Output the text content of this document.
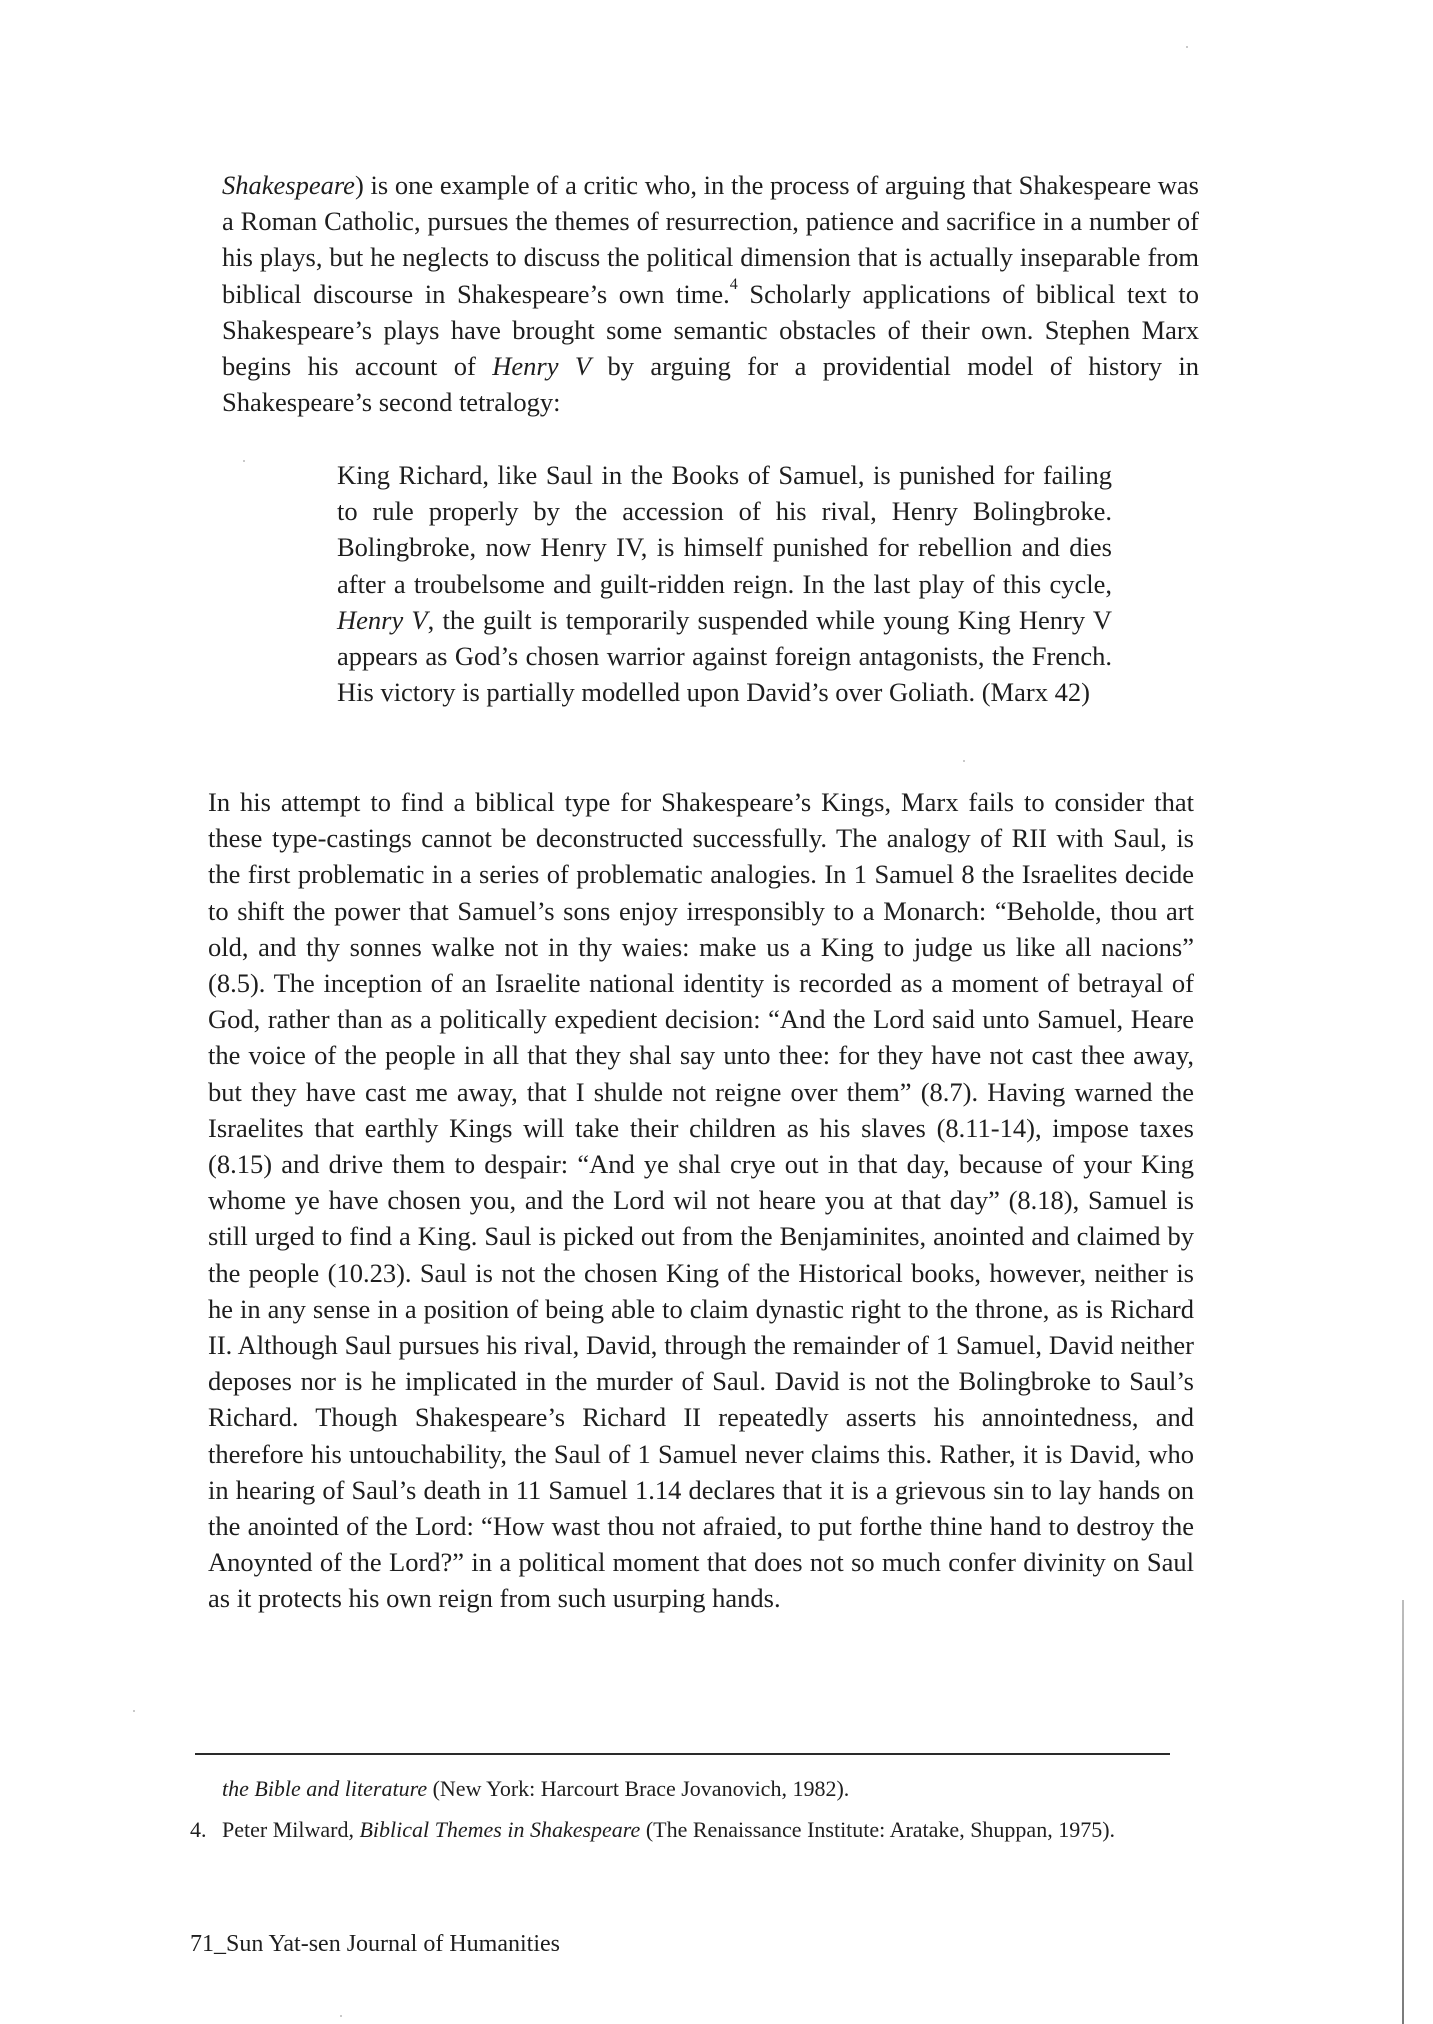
Shakespeare) is one example of a critic who, in the process of arguing that Shakespeare was a Roman Catholic, pursues the themes of resurrection, patience and sacrifice in a number of his plays, but he neglects to discuss the political dimension that is actually inseparable from biblical discourse in Shakespeare’s own time.$^4$ Scholarly applications of biblical text to Shakespeare’s plays have brought some semantic obstacles of their own. Stephen Marx begins his account of Henry V by arguing for a providential model of history in Shakespeare’s second tetralogy:

King Richard, like Saul in the Books of Samuel, is punished for failing to rule properly by the accession of his rival, Henry Bolingbroke. Bolingbroke, now Henry IV, is himself punished for rebellion and dies after a troubelsome and guilt-ridden reign. In the last play of this cycle, Henry V, the guilt is temporarily suspended while young King Henry V appears as God’s chosen warrior against foreign antagonists, the French. His victory is partially modelled upon David’s over Goliath. (Marx 42)

In his attempt to find a biblical type for Shakespeare’s Kings, Marx fails to consider that these type-castings cannot be deconstructed successfully. The analogy of RII with Saul, is the first problematic in a series of problematic analogies. In 1 Samuel 8 the Israelites decide to shift the power that Samuel’s sons enjoy irresponsibly to a Monarch: “Beholde, thou art old, and thy sonnes walke not in thy waies: make us a King to judge us like all nacions” (8.5). The inception of an Israelite national identity is recorded as a moment of betrayal of God, rather than as a politically expedient decision: “And the Lord said unto Samuel, Heare the voice of the people in all that they shal say unto thee: for they have not cast thee away, but they have cast me away, that I shulde not reigne over them” (8.7). Having warned the Israelites that earthly Kings will take their children as his slaves (8.11-14), impose taxes (8.15) and drive them to despair: “And ye shal crye out in that day, because of your King whome ye have chosen you, and the Lord wil not heare you at that day” (8.18), Samuel is still urged to find a King. Saul is picked out from the Benjaminites, anointed and claimed by the people (10.23). Saul is not the chosen King of the Historical books, however, neither is he in any sense in a position of being able to claim dynastic right to the throne, as is Richard II. Although Saul pursues his rival, David, through the remainder of 1 Samuel, David neither deposes nor is he implicated in the murder of Saul. David is not the Bolingbroke to Saul’s Richard. Though Shakespeare’s Richard II repeatedly asserts his annointedness, and therefore his untouchability, the Saul of 1 Samuel never claims this. Rather, it is David, who in hearing of Saul’s death in 11 Samuel 1.14 declares that it is a grievous sin to lay hands on the anointed of the Lord: “How wast thou not afraied, to put forthe thine hand to destroy the Anoynted of the Lord?” in a political moment that does not so much confer divinity on Saul as it protects his own reign from such usurping hands.

the Bible and literature (New York: Harcourt Brace Jovanovich, 1982).

4. Peter Milward, Biblical Themes in Shakespeare (The Renaissance Institute: Aratake, Shuppan, 1975).
71_Sun Yat-sen Journal of Humanities
